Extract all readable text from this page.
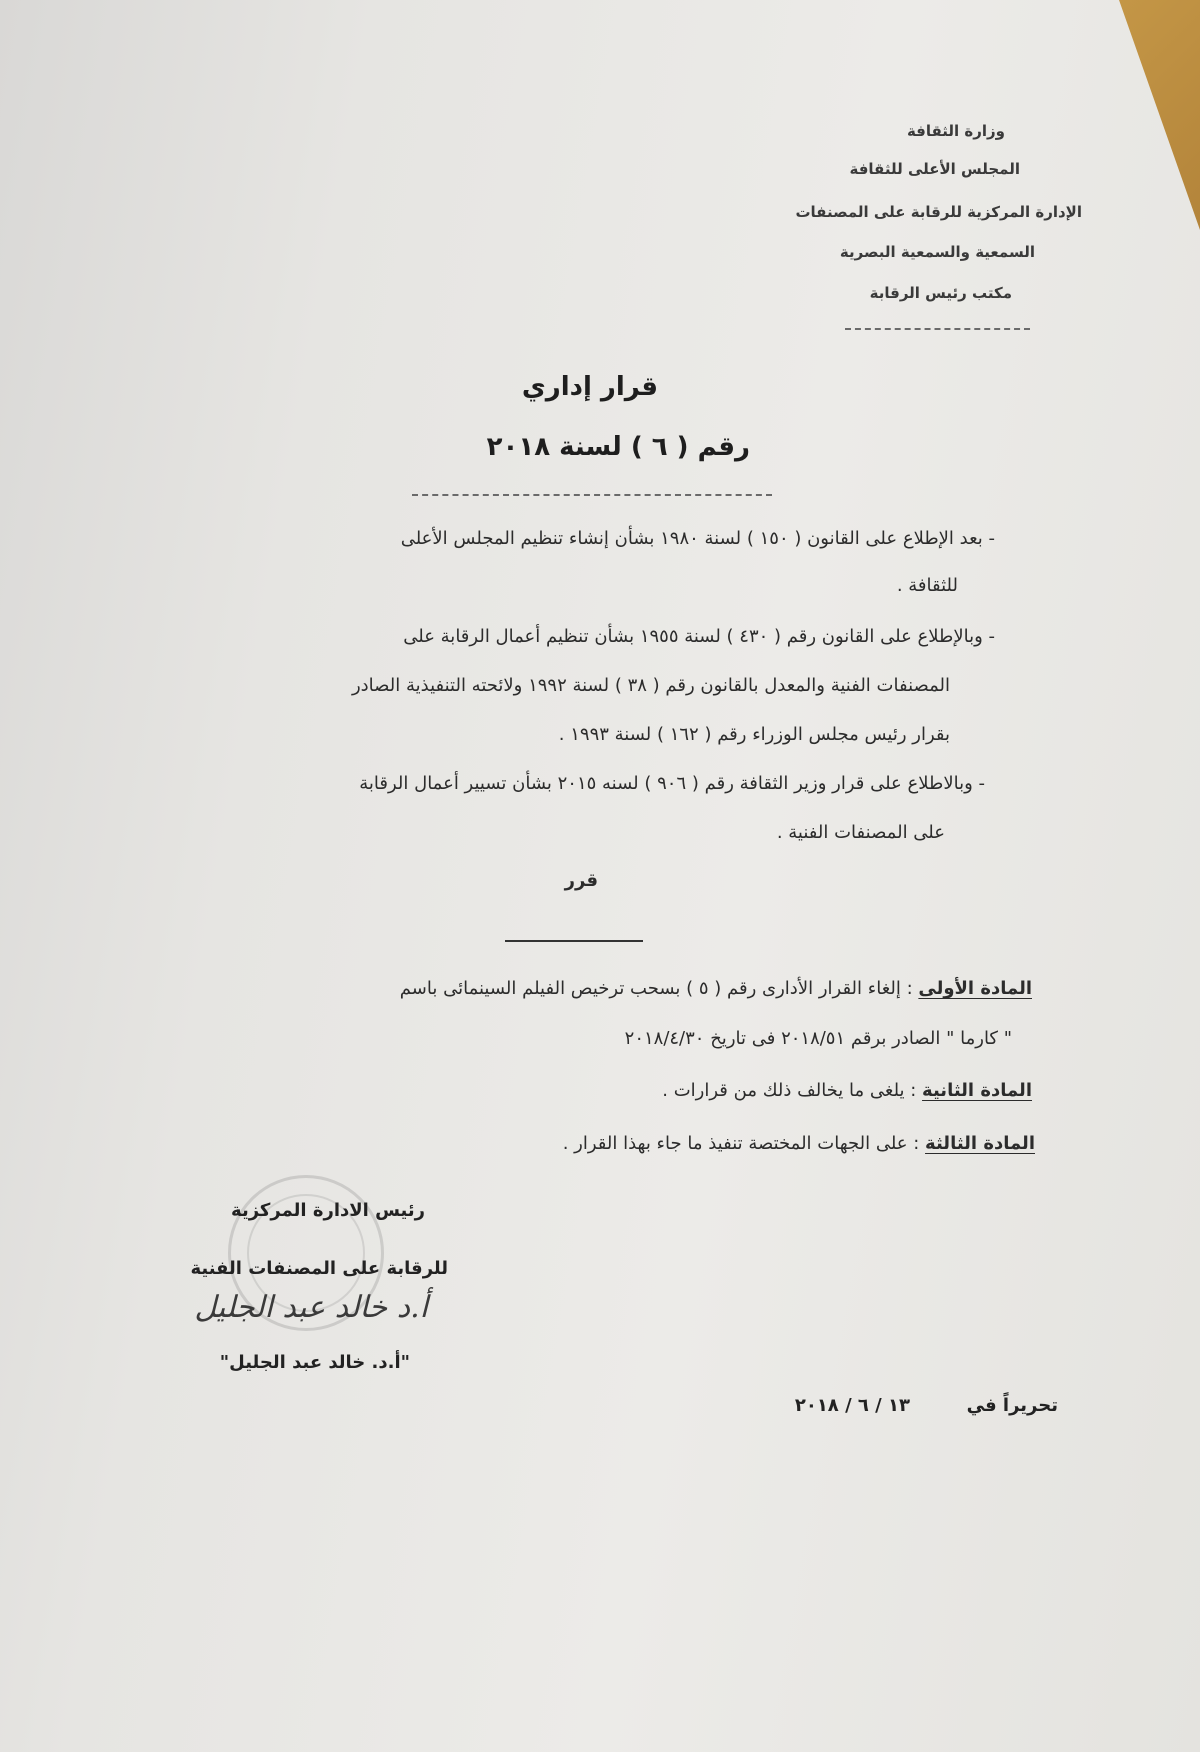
وزارة الثقافة
المجلس الأعلى للثقافة
الإدارة المركزية للرقابة على المصنفات
السمعية والسمعية البصرية
مكتب رئيس الرقابة
قرار إداري
رقم ( ٦ ) لسنة ٢٠١٨
- بعد الإطلاع على القانون ( ١٥٠ ) لسنة ١٩٨٠ بشأن إنشاء تنظيم المجلس الأعلى
للثقافة .
- وبالإطلاع على القانون رقم ( ٤٣٠ ) لسنة ١٩٥٥ بشأن تنظيم أعمال الرقابة على
المصنفات الفنية والمعدل بالقانون رقم ( ٣٨ ) لسنة ١٩٩٢ ولائحته التنفيذية الصادر
بقرار رئيس مجلس الوزراء رقم ( ١٦٢ ) لسنة ١٩٩٣ .
- وبالاطلاع على قرار وزير الثقافة رقم ( ٩٠٦ ) لسنه ٢٠١٥ بشأن تسيير أعمال الرقابة
على المصنفات الفنية .
قرر
المادة الأولى : إلغاء القرار الأدارى رقم ( ٥ ) بسحب ترخيص الفيلم السينمائى باسم
" كارما " الصادر برقم ٢٠١٨/٥١ فى تاريخ ٢٠١٨/٤/٣٠
المادة الثانية : يلغى ما يخالف ذلك من قرارات .
المادة الثالثة : على الجهات المختصة تنفيذ ما جاء بهذا القرار .
رئيس الادارة المركزية
للرقابة على المصنفات الفنية
أ.د خالد عبد الجليل
"أ.د. خالد عبد الجليل"
تحريراً في
١٣ / ٦ / ٢٠١٨
